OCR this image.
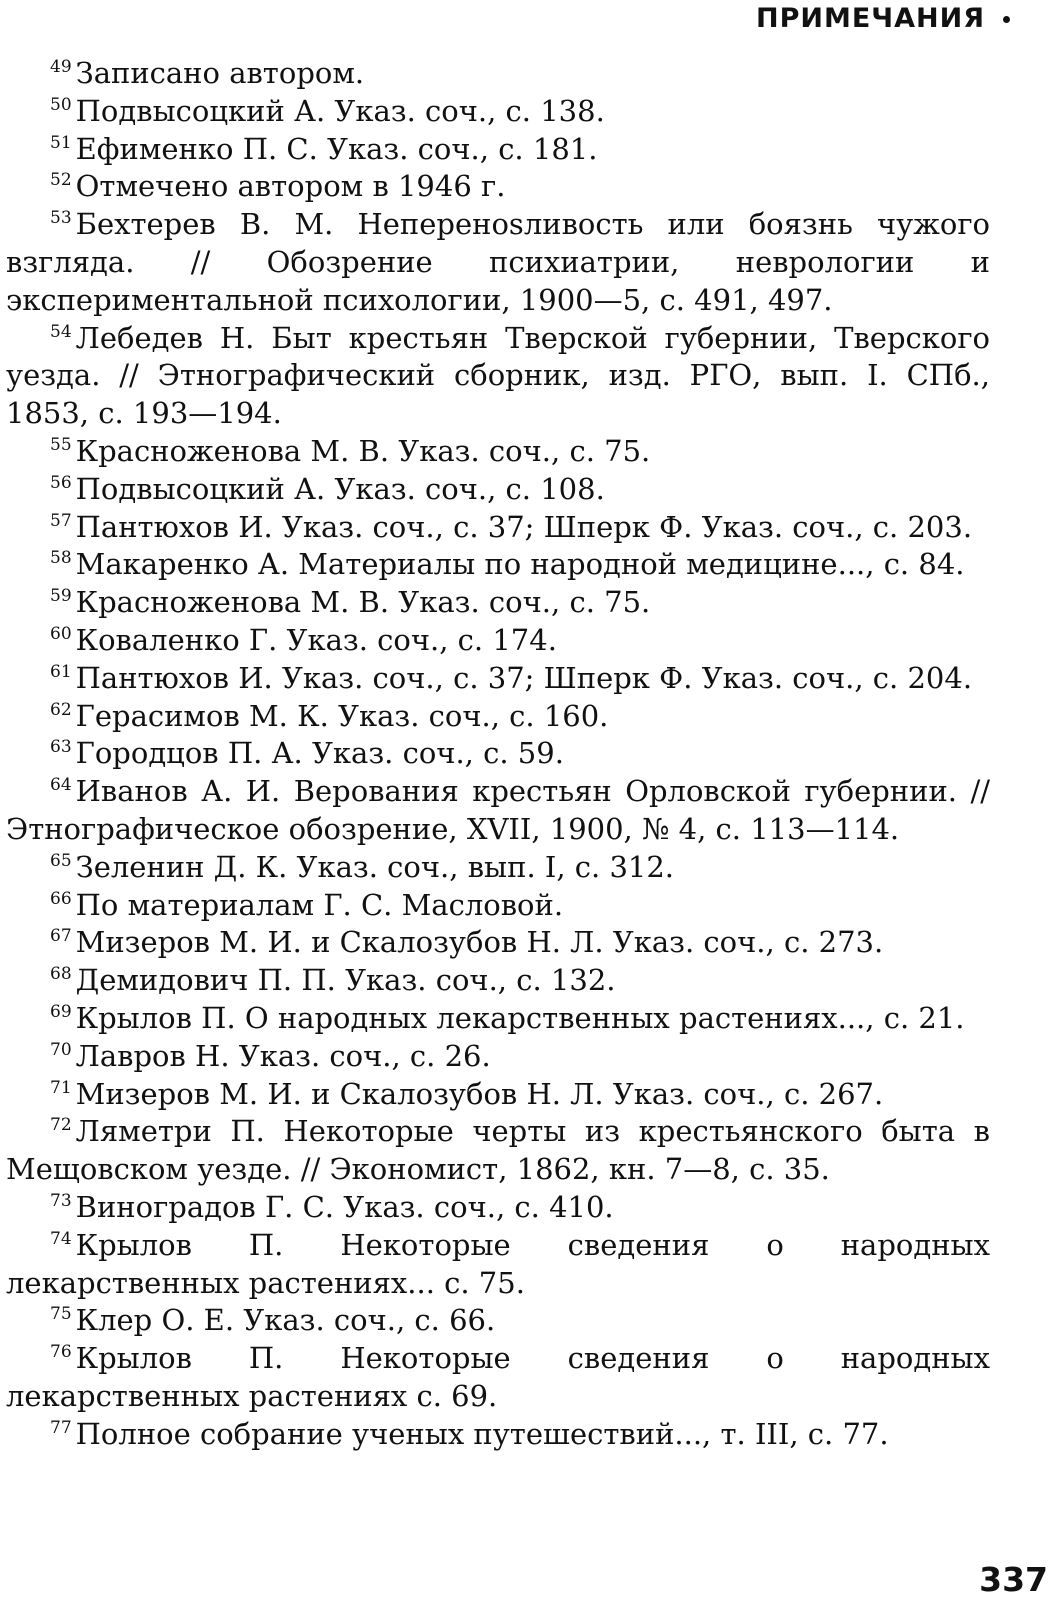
ПРИМЕЧАНИЯ

$^{49}$ Записано автором.

$^{50}$ Подвысоцкий А. Указ. соч., с. 138.

$^{51}$ Ефименко П. С. Указ. соч., с. 181.

$^{52}$ Отмечено автором в 1946 г.

$^{53}$ Бехтерев В. М. Неперенosливость или боязнь чужого взгляда. // Обозрение психиатрии, неврологии и экспериментальной психологии, 1900—5, с. 491, 497.

$^{54}$ Лебедев Н. Быт крестьян Тверской губернии, Тверского уезда. // Этнографический сборник, изд. РГО, вып. I. СПб., 1853, с. 193—194.

$^{55}$ Красноженова М. В. Указ. соч., с. 75.

$^{56}$ Подвысоцкий А. Указ. соч., с. 108.

$^{57}$ Пантюхов И. Указ. соч., с. 37; Шперк Ф. Указ. соч., с. 203.

$^{58}$ Макаренко А. Материалы по народной медицине..., с. 84.

$^{59}$ Красноженова М. В. Указ. соч., с. 75.

$^{60}$ Коваленко Г. Указ. соч., с. 174.

$^{61}$ Пантюхов И. Указ. соч., с. 37; Шперк Ф. Указ. соч., с. 204.

$^{62}$ Герасимов М. К. Указ. соч., с. 160.

$^{63}$ Городцов П. А. Указ. соч., с. 59.

$^{64}$ Иванов А. И. Верования крестьян Орловской губернии. // Этнографическое обозрение, XVII, 1900, № 4, с. 113—114.

$^{65}$ Зеленин Д. К. Указ. соч., вып. I, с. 312.

$^{66}$ По материалам Г. С. Масловой.

$^{67}$ Мизеров М. И. и Скалозубов Н. Л. Указ. соч., с. 273.

$^{68}$ Демидович П. П. Указ. соч., с. 132.

$^{69}$ Крылов П. О народных лекарственных растениях..., с. 21.

$^{70}$ Лавров Н. Указ. соч., с. 26.

$^{71}$ Мизеров М. И. и Скалозубов Н. Л. Указ. соч., с. 267.

$^{72}$ Ляметри П. Некоторые черты из крестьянского быта в Мещовском уезде. // Экономист, 1862, кн. 7—8, с. 35.

$^{73}$ Виноградов Г. С. Указ. соч., с. 410.

$^{74}$ Крылов П. Некоторые сведения о народных лекарственных растениях... с. 75.

$^{75}$ Клер О. Е. Указ. соч., с. 66.

$^{76}$ Крылов П. Некоторые сведения о народных лекарственных растениях с. 69.

$^{77}$ Полное собрание ученых путешествий..., т. III, с. 77.

337
